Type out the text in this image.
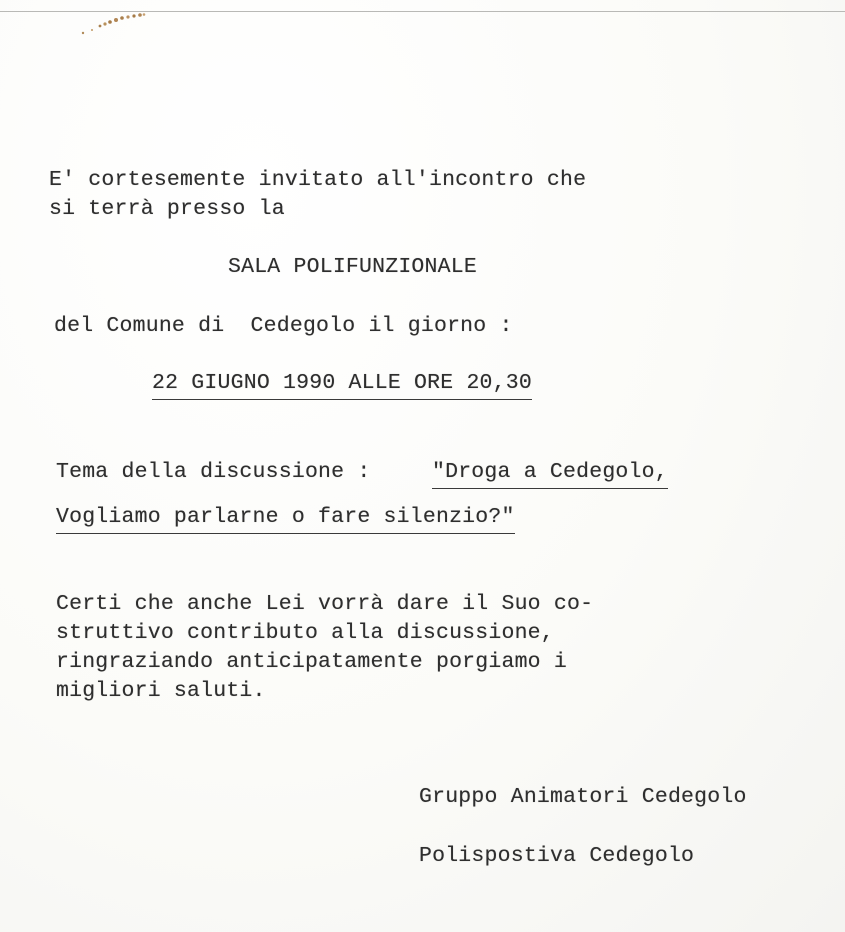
E' cortesemente invitato all'incontro che
si terrà presso la
SALA POLIFUNZIONALE
del Comune di  Cedegolo il giorno :
22 GIUGNO 1990 ALLE ORE 20,30
Tema della discussione : "Droga a Cedegolo,
Vogliamo parlarne o fare silenzio?"
Certi che anche Lei vorrà dare il Suo co-
struttivo contributo alla discussione,
ringraziando anticipatamente porgiamo i
migliori saluti.
Gruppo Animatori Cedegolo
Polispostiva Cedegolo
